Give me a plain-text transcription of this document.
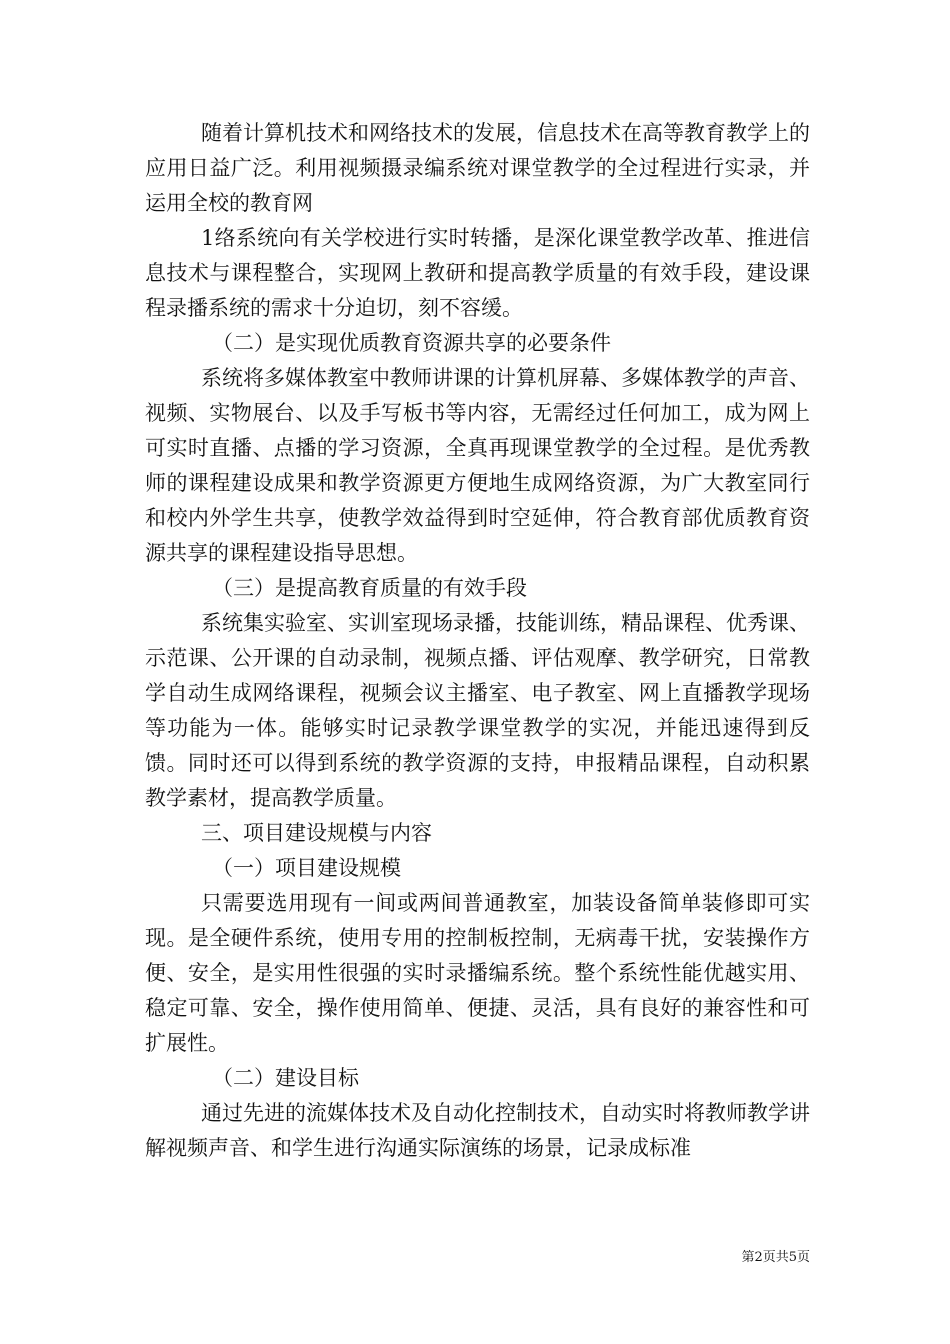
随着计算机技术和网络技术的发展，信息技术在高等教育教学上的应用日益广泛。利用视频摄录编系统对课堂教学的全过程进行实录，并运用全校的教育网

1络系统向有关学校进行实时转播，是深化课堂教学改革、推进信息技术与课程整合，实现网上教研和提高教学质量的有效手段，建设课程录播系统的需求十分迫切，刻不容缓。

（二）是实现优质教育资源共享的必要条件

系统将多媒体教室中教师讲课的计算机屏幕、多媒体教学的声音、视频、实物展台、以及手写板书等内容，无需经过任何加工，成为网上可实时直播、点播的学习资源，全真再现课堂教学的全过程。是优秀教师的课程建设成果和教学资源更方便地生成网络资源，为广大教室同行和校内外学生共享，使教学效益得到时空延伸，符合教育部优质教育资源共享的课程建设指导思想。

（三）是提高教育质量的有效手段

系统集实验室、实训室现场录播，技能训练，精品课程、优秀课、示范课、公开课的自动录制，视频点播、评估观摩、教学研究，日常教学自动生成网络课程，视频会议主播室、电子教室、网上直播教学现场等功能为一体。能够实时记录教学课堂教学的实况，并能迅速得到反馈。同时还可以得到系统的教学资源的支持，申报精品课程，自动积累教学素材，提高教学质量。

三、项目建设规模与内容

（一）项目建设规模

只需要选用现有一间或两间普通教室，加装设备简单装修即可实现。是全硬件系统，使用专用的控制板控制，无病毒干扰，安装操作方便、安全，是实用性很强的实时录播编系统。整个系统性能优越实用、稳定可靠、安全，操作使用简单、便捷、灵活，具有良好的兼容性和可扩展性。

（二）建设目标

通过先进的流媒体技术及自动化控制技术，自动实时将教师教学讲解视频声音、和学生进行沟通实际演练的场景，记录成标准

第2页共5页
